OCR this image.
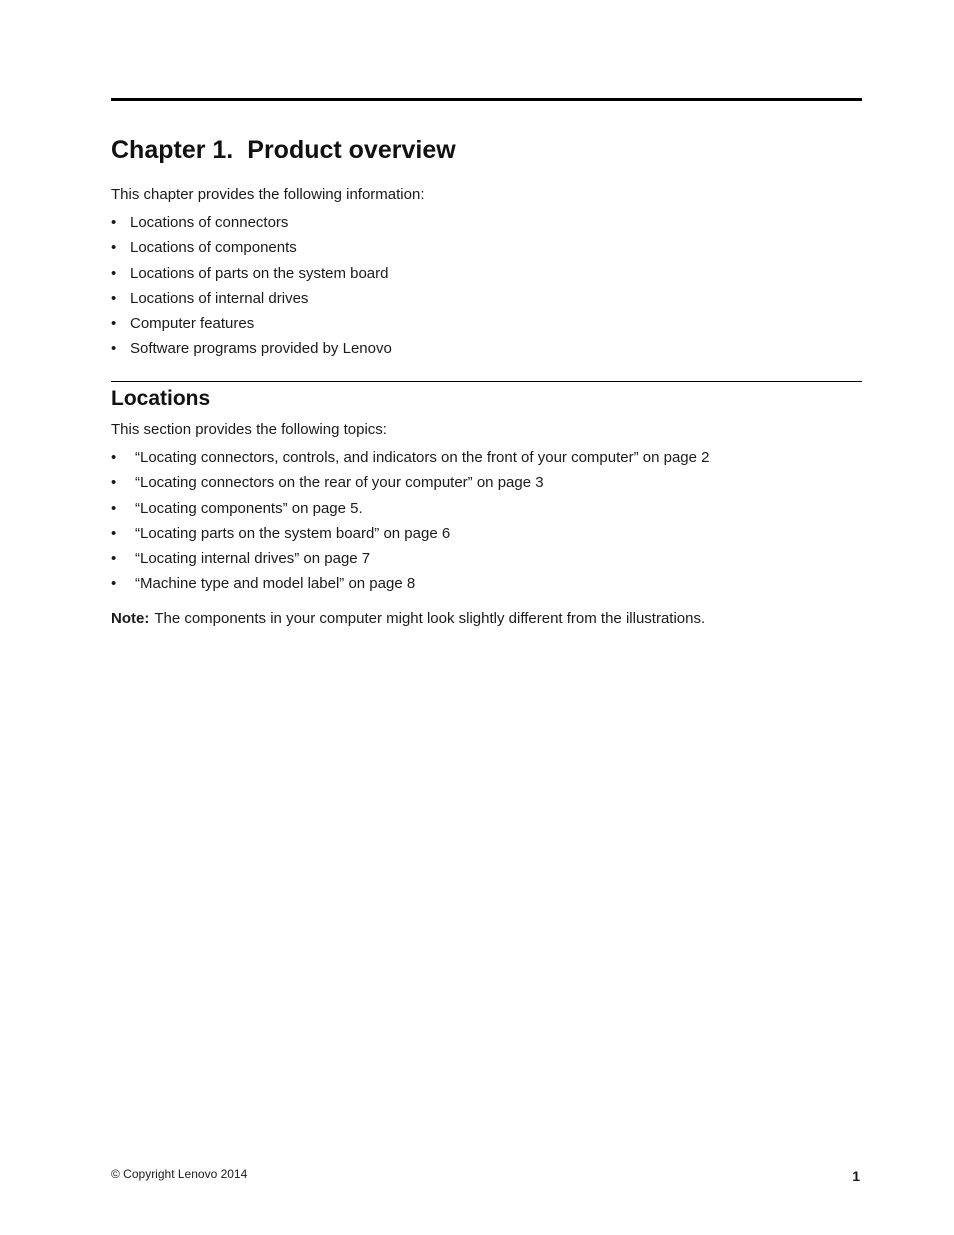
Chapter 1. Product overview

This chapter provides the following information:

• Locations of connectors
• Locations of components
• Locations of parts on the system board
• Locations of internal drives
• Computer features
• Software programs provided by Lenovo
Locations

This section provides the following topics:

• “Locating connectors, controls, and indicators on the front of your computer” on page 2
• “Locating connectors on the rear of your computer” on page 3
• “Locating components” on page 5.
• “Locating parts on the system board” on page 6
• “Locating internal drives” on page 7
• “Machine type and model label” on page 8

Note: The components in your computer might look slightly different from the illustrations.

© Copyright Lenovo 2014	1
